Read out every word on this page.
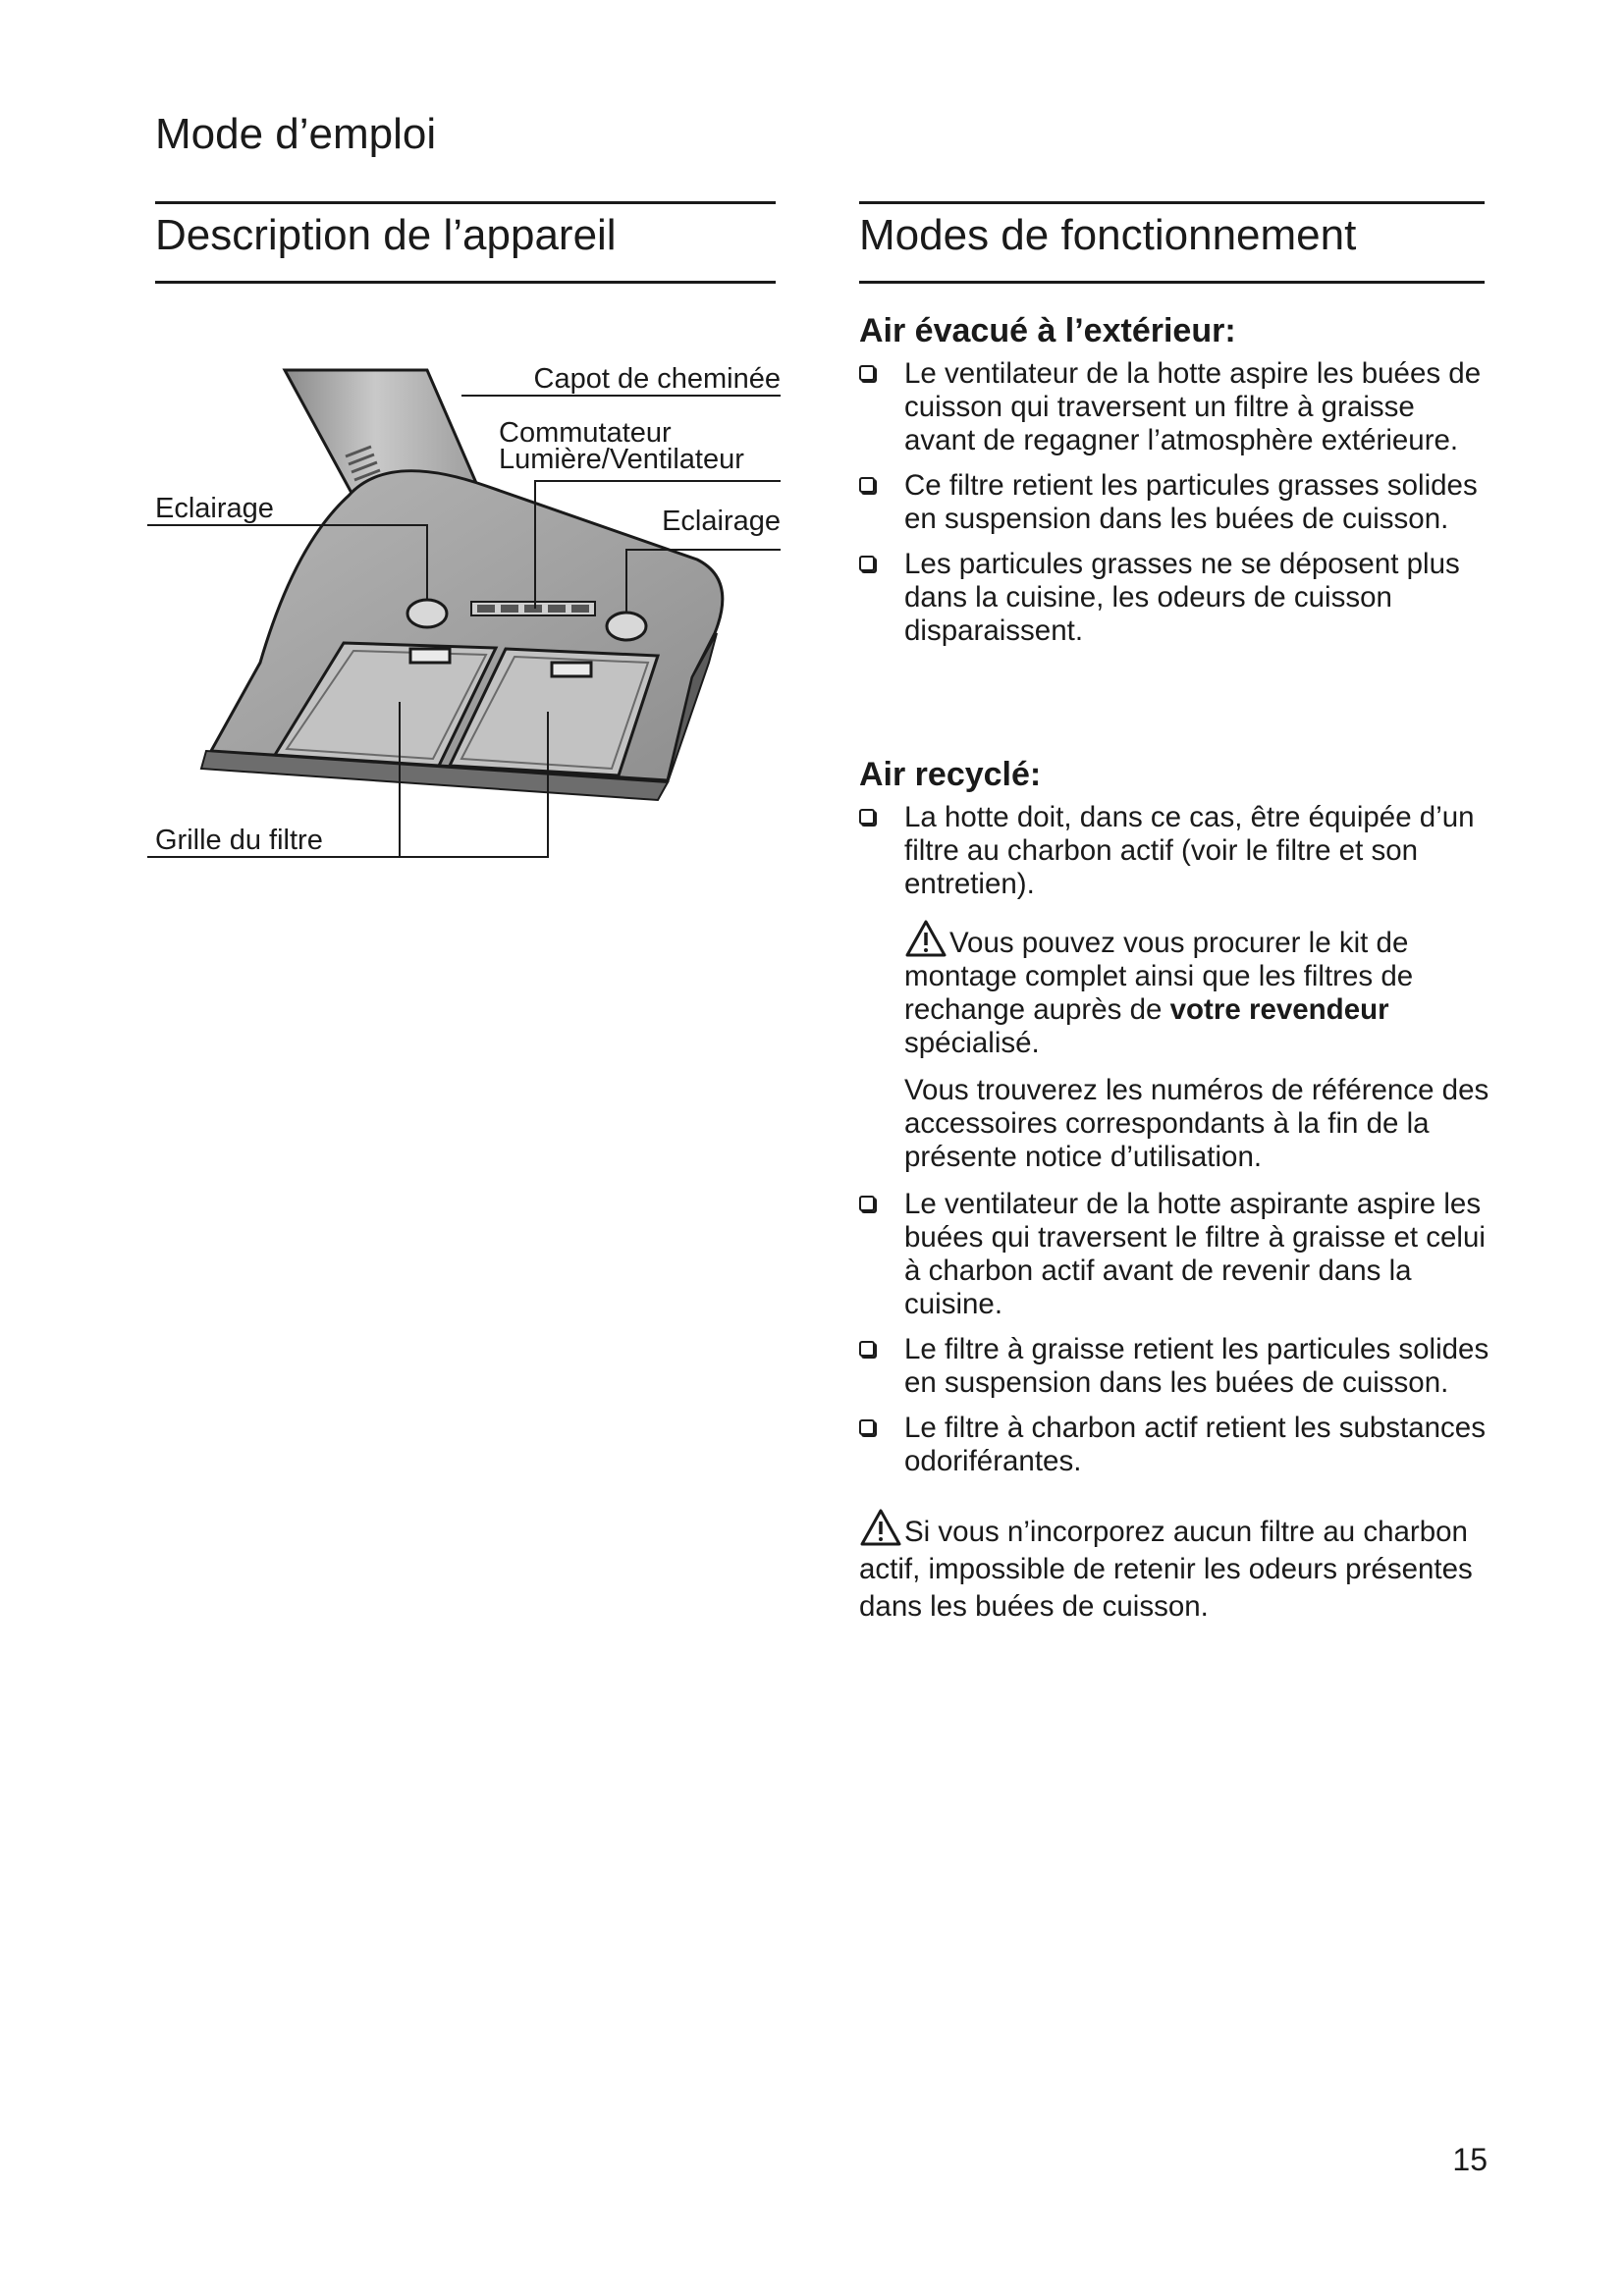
Mode d’emploi
Description de l’appareil	Modes de fonctionnement
Capot de cheminée
Commutateur
Lumière/Ventilateur
Eclairage	Eclairage
Grille du filtre
Air évacué à l’extérieur:
Le ventilateur de la hotte aspire les buées de cuisson qui traversent un filtre à graisse avant de regagner l’atmosphère extérieure.
Ce filtre retient les particules grasses solides en suspension dans les buées de cuisson.
Les particules grasses ne se déposent plus dans la cuisine, les odeurs de cuisson disparaissent.
Air recyclé:
La hotte doit, dans ce cas, être équipée d’un filtre au charbon actif (voir le filtre et son entretien).

Vous pouvez vous procurer le kit de montage complet ainsi que les filtres de rechange auprès de votre revendeur spécialisé.

Vous trouverez les numéros de référence des accessoires correspondants à la fin de la présente notice d’utilisation.

Le ventilateur de la hotte aspirante aspire les buées qui traversent le filtre à graisse et celui à charbon actif avant de revenir dans la cuisine.
Le filtre à graisse retient les particules solides en suspension dans les buées de cuisson.
Le filtre à charbon actif retient les substances odoriférantes.

Si vous n’incorporez aucun filtre au charbon actif, impossible de retenir les odeurs présentes dans les buées de cuisson.

15
